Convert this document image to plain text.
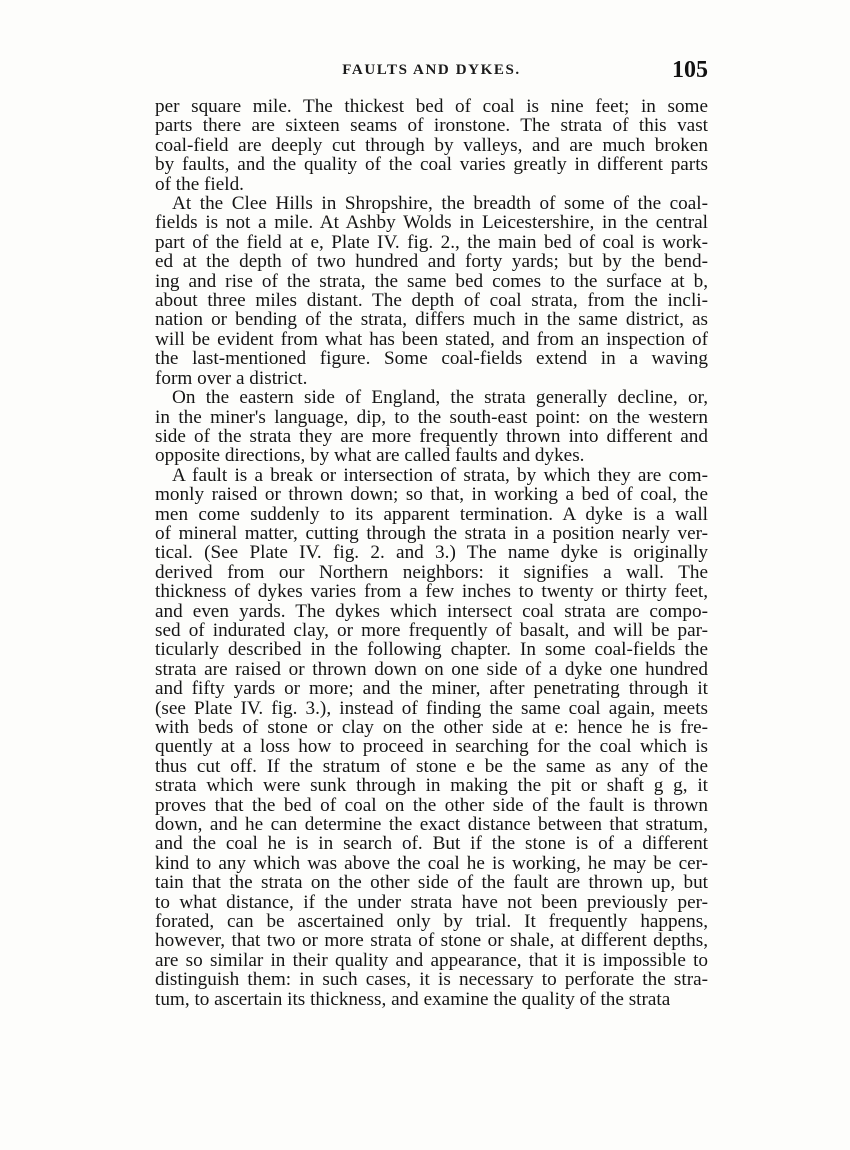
FAULTS AND DYKES.	105
per square mile. The thickest bed of coal is nine feet; in some
parts there are sixteen seams of ironstone. The strata of this vast
coal-field are deeply cut through by valleys, and are much broken
by faults, and the quality of the coal varies greatly in different parts
of the field.
At the Clee Hills in Shropshire, the breadth of some of the coal-
fields is not a mile. At Ashby Wolds in Leicestershire, in the central
part of the field at e, Plate IV. fig. 2., the main bed of coal is work-
ed at the depth of two hundred and forty yards; but by the bend-
ing and rise of the strata, the same bed comes to the surface at b,
about three miles distant. The depth of coal strata, from the incli-
nation or bending of the strata, differs much in the same district, as
will be evident from what has been stated, and from an inspection of
the last-mentioned figure. Some coal-fields extend in a waving
form over a district.
On the eastern side of England, the strata generally decline, or,
in the miner's language, dip, to the south-east point: on the western
side of the strata they are more frequently thrown into different and
opposite directions, by what are called faults and dykes.
A fault is a break or intersection of strata, by which they are com-
monly raised or thrown down; so that, in working a bed of coal, the
men come suddenly to its apparent termination. A dyke is a wall
of mineral matter, cutting through the strata in a position nearly ver-
tical. (See Plate IV. fig. 2. and 3.) The name dyke is originally
derived from our Northern neighbors: it signifies a wall. The
thickness of dykes varies from a few inches to twenty or thirty feet,
and even yards. The dykes which intersect coal strata are compo-
sed of indurated clay, or more frequently of basalt, and will be par-
ticularly described in the following chapter. In some coal-fields the
strata are raised or thrown down on one side of a dyke one hundred
and fifty yards or more; and the miner, after penetrating through it
(see Plate IV. fig. 3.), instead of finding the same coal again, meets
with beds of stone or clay on the other side at e: hence he is fre-
quently at a loss how to proceed in searching for the coal which is
thus cut off. If the stratum of stone e be the same as any of the
strata which were sunk through in making the pit or shaft g g, it
proves that the bed of coal on the other side of the fault is thrown
down, and he can determine the exact distance between that stratum,
and the coal he is in search of. But if the stone is of a different
kind to any which was above the coal he is working, he may be cer-
tain that the strata on the other side of the fault are thrown up, but
to what distance, if the under strata have not been previously per-
forated, can be ascertained only by trial. It frequently happens,
however, that two or more strata of stone or shale, at different depths,
are so similar in their quality and appearance, that it is impossible to
distinguish them: in such cases, it is necessary to perforate the stra-
tum, to ascertain its thickness, and examine the quality of the strata
